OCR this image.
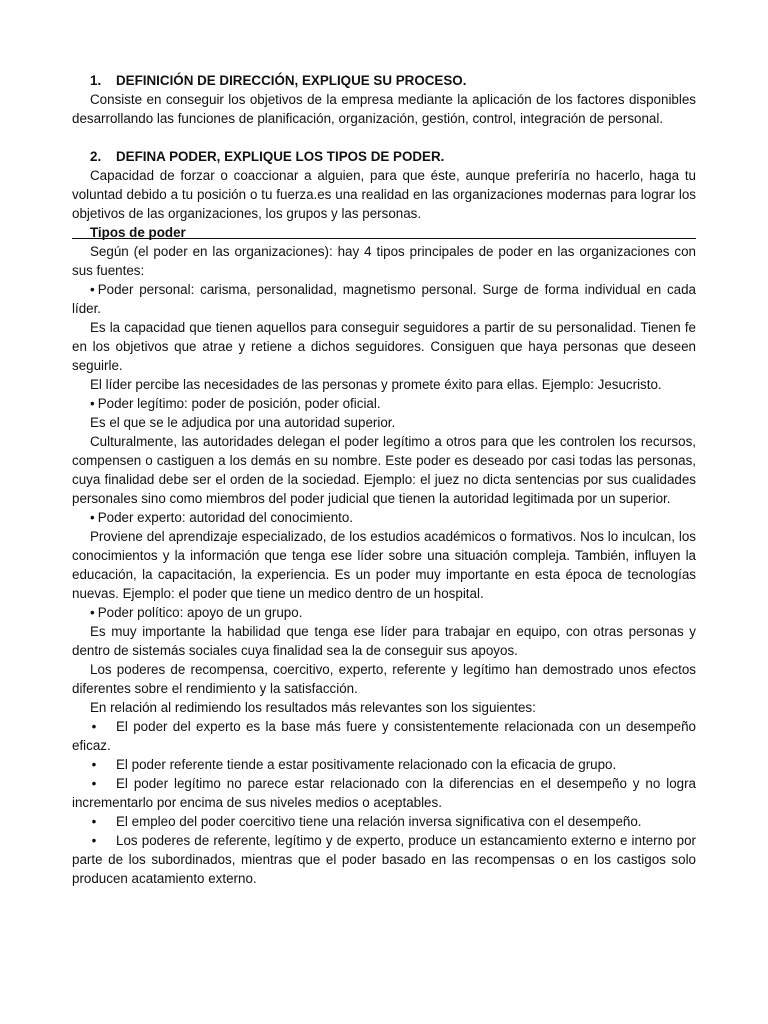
1. DEFINICIÓN DE DIRECCIÓN, EXPLIQUE SU PROCESO.

Consiste en conseguir los objetivos de la empresa mediante la aplicación de los factores disponibles desarrollando las funciones de planificación, organización, gestión, control, integración de personal.

2. DEFINA PODER, EXPLIQUE LOS TIPOS DE PODER.

Capacidad de forzar o coaccionar a alguien, para que éste, aunque preferiría no hacerlo, haga tu voluntad debido a tu posición o tu fuerza.es una realidad en las organizaciones modernas para lograr los objetivos de las organizaciones, los grupos y las personas.

Tipos de poder

Según (el poder en las organizaciones): hay 4 tipos principales de poder en las organizaciones con sus fuentes:

• Poder personal: carisma, personalidad, magnetismo personal. Surge de forma individual en cada líder.

Es la capacidad que tienen aquellos para conseguir seguidores a partir de su personalidad. Tienen fe en los objetivos que atrae y retiene a dichos seguidores. Consiguen que haya personas que deseen seguirle.

El líder percibe las necesidades de las personas y promete éxito para ellas. Ejemplo: Jesucristo.

• Poder legítimo: poder de posición, poder oficial.

Es el que se le adjudica por una autoridad superior.

Culturalmente, las autoridades delegan el poder legítimo a otros para que les controlen los recursos, compensen o castiguen a los demás en su nombre. Este poder es deseado por casi todas las personas, cuya finalidad debe ser el orden de la sociedad. Ejemplo: el juez no dicta sentencias por sus cualidades personales sino como miembros del poder judicial que tienen la autoridad legitimada por un superior.

• Poder experto: autoridad del conocimiento.

Proviene del aprendizaje especializado, de los estudios académicos o formativos. Nos lo inculcan, los conocimientos y la información que tenga ese líder sobre una situación compleja. También, influyen la educación, la capacitación, la experiencia. Es un poder muy importante en esta época de tecnologías nuevas. Ejemplo: el poder que tiene un medico dentro de un hospital.

• Poder político: apoyo de un grupo.

Es muy importante la habilidad que tenga ese líder para trabajar en equipo, con otras personas y dentro de sistemás sociales cuya finalidad sea la de conseguir sus apoyos.

Los poderes de recompensa, coercitivo, experto, referente y legítimo han demostrado unos efectos diferentes sobre el rendimiento y la satisfacción.

En relación al redimiendo los resultados más relevantes son los siguientes:

• El poder del experto es la base más fuere y consistentemente relacionada con un desempeño eficaz.

• El poder referente tiende a estar positivamente relacionado con la eficacia de grupo.

• El poder legítimo no parece estar relacionado con la diferencias en el desempeño y no logra incrementarlo por encima de sus niveles medios o aceptables.

• El empleo del poder coercitivo tiene una relación inversa significativa con el desempeño.

• Los poderes de referente, legítimo y de experto, produce un estancamiento externo e interno por parte de los subordinados, mientras que el poder basado en las recompensas o en los castigos solo producen acatamiento externo.
